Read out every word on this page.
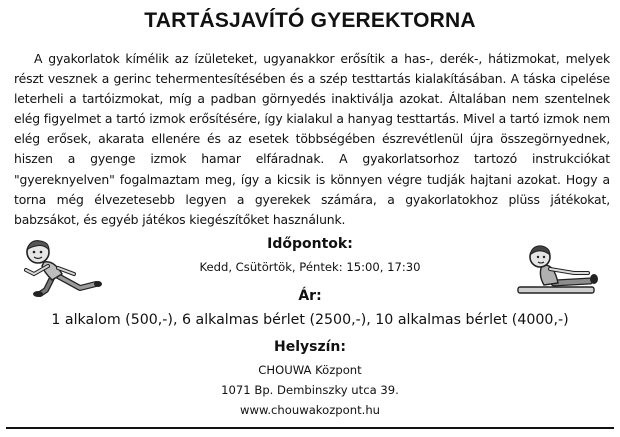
TARTÁSJAVÍTÓ GYEREKTORNA

A gyakorlatok kímélik az ízületeket, ugyanakkor erősítik a has-, derék-, hátizmokat, melyek részt vesznek a gerinc tehermentesítésében és a szép testtartás kialakításában. A táska cipelése leterheli a tartóizmokat, míg a padban görnyedés inaktiválja azokat. Általában nem szentelnek elég figyelmet a tartó izmok erősítésére, így kialakul a hanyag testtartás. Mivel a tartó izmok nem elég erősek, akarata ellenére és az esetek többségében észrevétlenül újra összegörnyednek, hiszen a gyenge izmok hamar elfáradnak. A gyakorlatsorhoz tartozó instrukciókat "gyereknyelven" fogalmaztam meg, így a kicsik is könnyen végre tudják hajtani azokat. Hogy a torna még élvezetesebb legyen a gyerekek számára, a gyakorlatokhoz plüss játékokat, babzsákot, és egyéb játékos kiegészítőket használunk.

Időpontok:
Kedd, Csütörtök, Péntek: 15:00, 17:30
Ár:
1 alkalom (500,-), 6 alkalmas bérlet (2500,-), 10 alkalmas bérlet (4000,-)
Helyszín:
CHOUWA Központ
1071 Bp. Dembinszky utca 39.
www.chouwakozpont.hu
